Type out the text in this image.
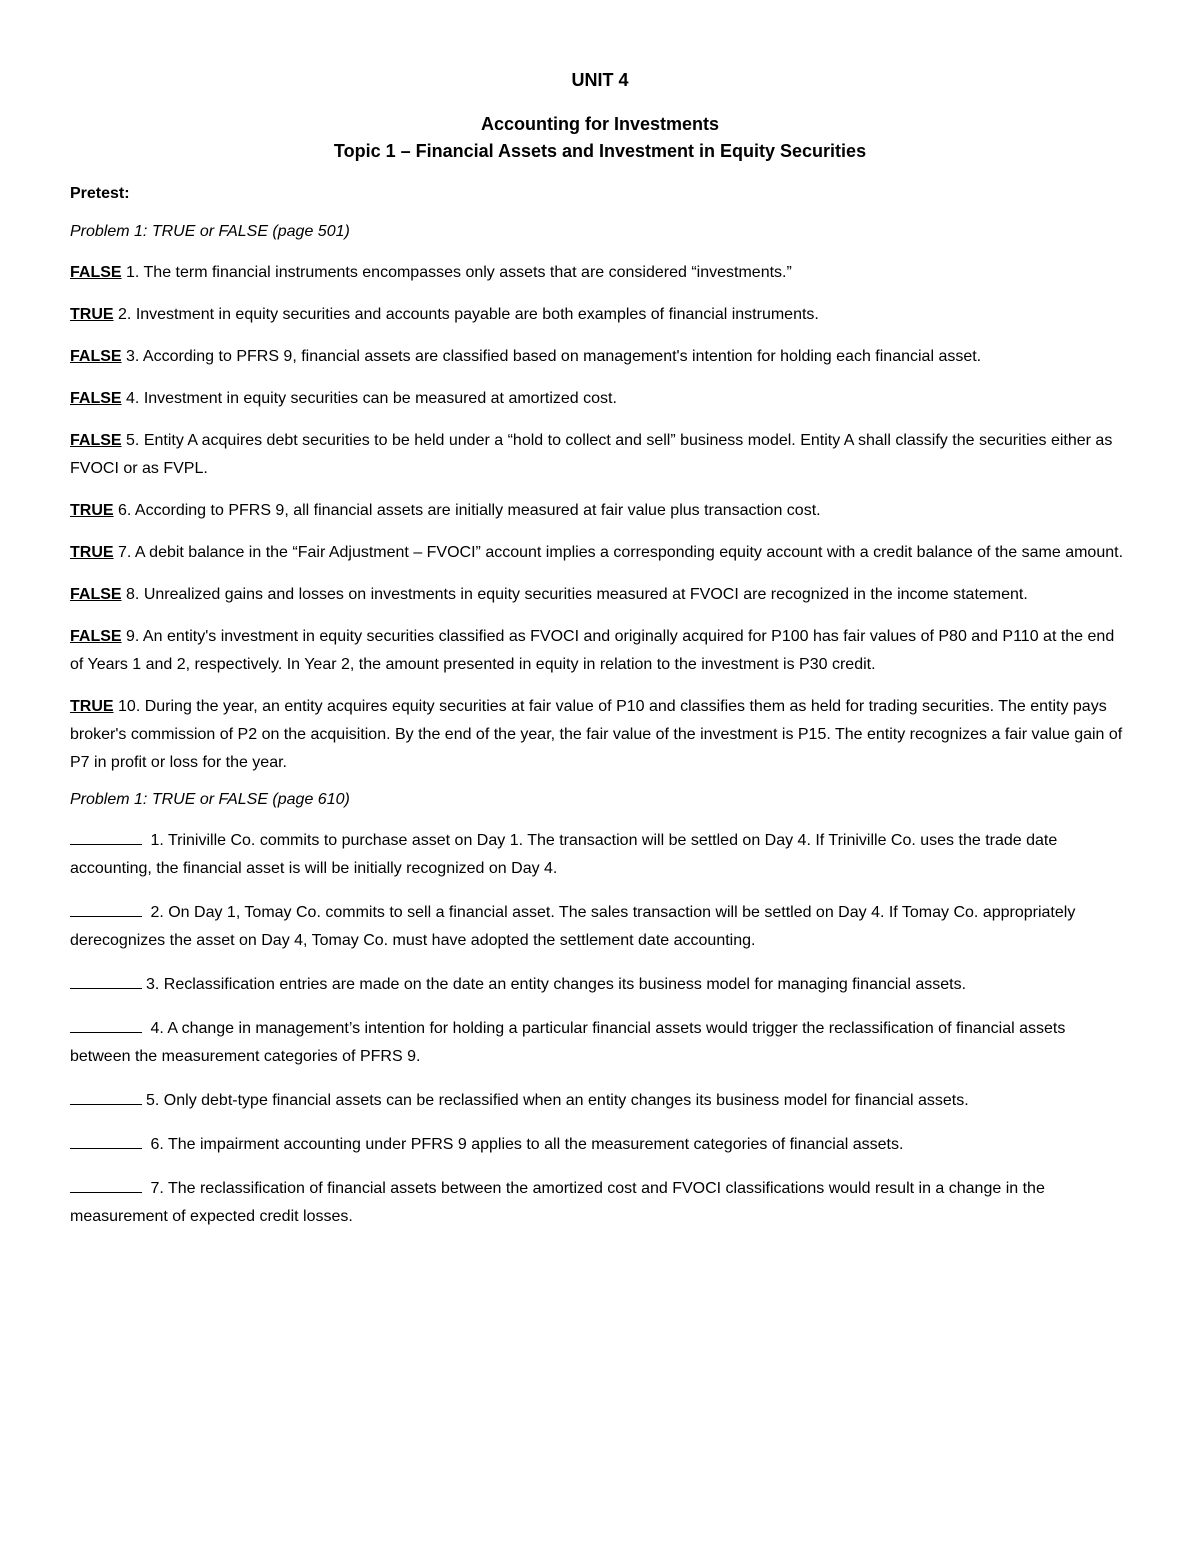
UNIT 4

Accounting for Investments

Topic 1 – Financial Assets and Investment in Equity Securities

Pretest:

Problem 1: TRUE or FALSE (page 501)

FALSE 1. The term financial instruments encompasses only assets that are considered “investments.”

TRUE 2. Investment in equity securities and accounts payable are both examples of financial instruments.

FALSE 3. According to PFRS 9, financial assets are classified based on management's intention for holding each financial asset.

FALSE 4. Investment in equity securities can be measured at amortized cost.

FALSE 5. Entity A acquires debt securities to be held under a “hold to collect and sell” business model. Entity A shall classify the securities either as FVOCI or as FVPL.

TRUE 6. According to PFRS 9, all financial assets are initially measured at fair value plus transaction cost.

TRUE 7. A debit balance in the “Fair Adjustment – FVOCI” account implies a corresponding equity account with a credit balance of the same amount.

FALSE 8. Unrealized gains and losses on investments in equity securities measured at FVOCI are recognized in the income statement.

FALSE 9. An entity's investment in equity securities classified as FVOCI and originally acquired for P100 has fair values of P80 and P110 at the end of Years 1 and 2, respectively. In Year 2, the amount presented in equity in relation to the investment is P30 credit.

TRUE 10. During the year, an entity acquires equity securities at fair value of P10 and classifies them as held for trading securities. The entity pays broker's commission of P2 on the acquisition. By the end of the year, the fair value of the investment is P15. The entity recognizes a fair value gain of P7 in profit or loss for the year.

Problem 1: TRUE or FALSE (page 610)

1. Triniville Co. commits to purchase asset on Day 1. The transaction will be settled on Day 4. If Triniville Co. uses the trade date accounting, the financial asset is will be initially recognized on Day 4.

2. On Day 1, Tomay Co. commits to sell a financial asset. The sales transaction will be settled on Day 4. If Tomay Co. appropriately derecognizes the asset on Day 4, Tomay Co. must have adopted the settlement date accounting.

3. Reclassification entries are made on the date an entity changes its business model for managing financial assets.

4. A change in management’s intention for holding a particular financial assets would trigger the reclassification of financial assets between the measurement categories of PFRS 9.

5. Only debt-type financial assets can be reclassified when an entity changes its business model for financial assets.

6. The impairment accounting under PFRS 9 applies to all the measurement categories of financial assets.

7. The reclassification of financial assets between the amortized cost and FVOCI classifications would result in a change in the measurement of expected credit losses.
